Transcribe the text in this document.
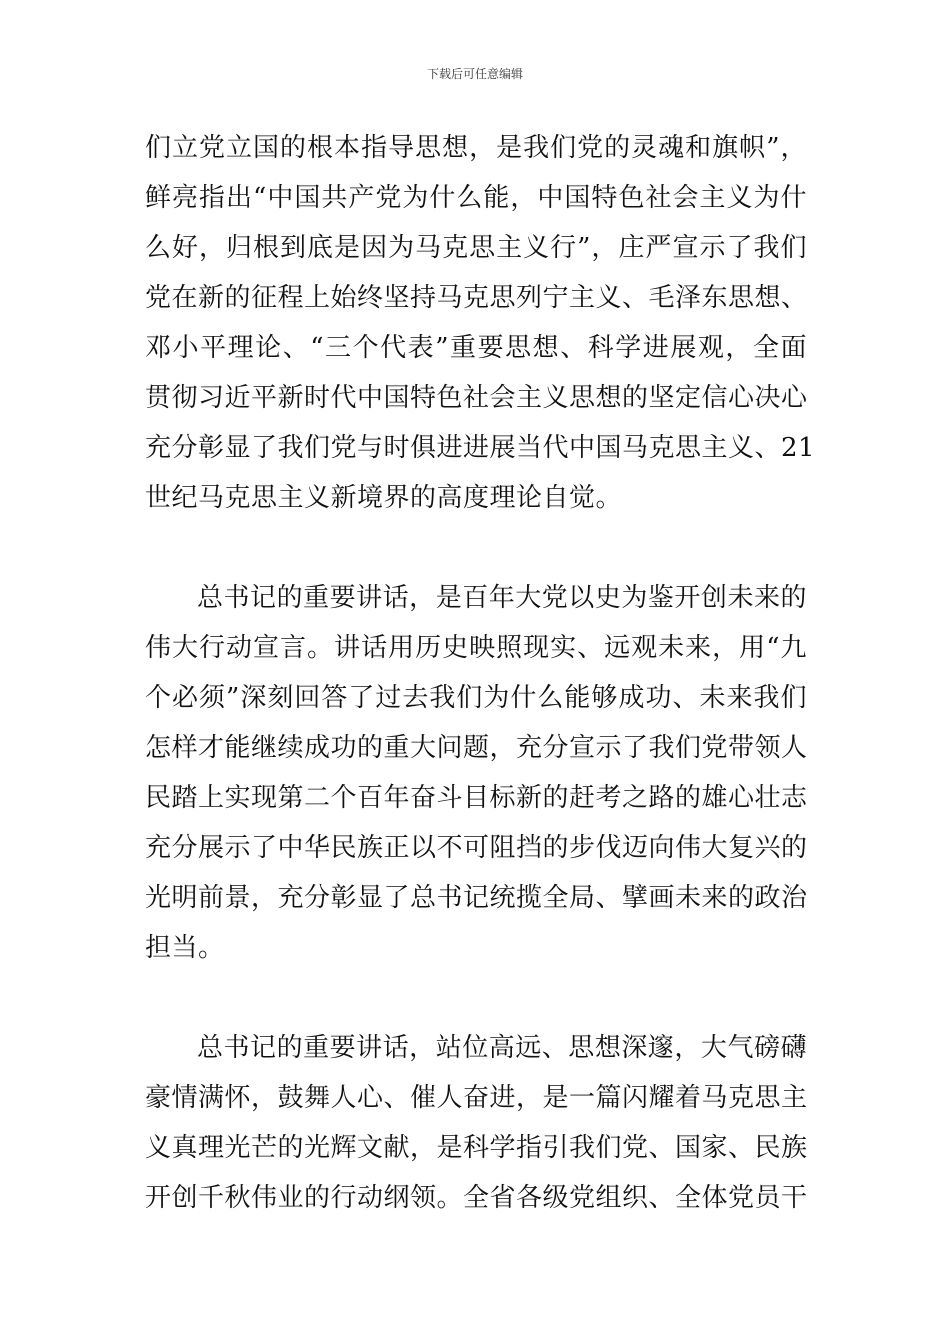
下载后可任意编辑
们立党立国的根本指导思想，是我们党的灵魂和旗帜”，
鲜亮指出“中国共产党为什么能，中国特色社会主义为什
么好，归根到底是因为马克思主义行”，庄严宣示了我们
党在新的征程上始终坚持马克思列宁主义、毛泽东思想、
邓小平理论、“三个代表”重要思想、科学进展观，全面
贯彻习近平新时代中国特色社会主义思想的坚定信心决心
充分彰显了我们党与时俱进进展当代中国马克思主义、21
世纪马克思主义新境界的高度理论自觉。
总书记的重要讲话，是百年大党以史为鉴开创未来的
伟大行动宣言。讲话用历史映照现实、远观未来，用“九
个必须”深刻回答了过去我们为什么能够成功、未来我们
怎样才能继续成功的重大问题，充分宣示了我们党带领人
民踏上实现第二个百年奋斗目标新的赶考之路的雄心壮志
充分展示了中华民族正以不可阻挡的步伐迈向伟大复兴的
光明前景，充分彰显了总书记统揽全局、擘画未来的政治
担当。
总书记的重要讲话，站位高远、思想深邃，大气磅礴
豪情满怀，鼓舞人心、催人奋进，是一篇闪耀着马克思主
义真理光芒的光辉文献，是科学指引我们党、国家、民族
开创千秋伟业的行动纲领。全省各级党组织、全体党员干
